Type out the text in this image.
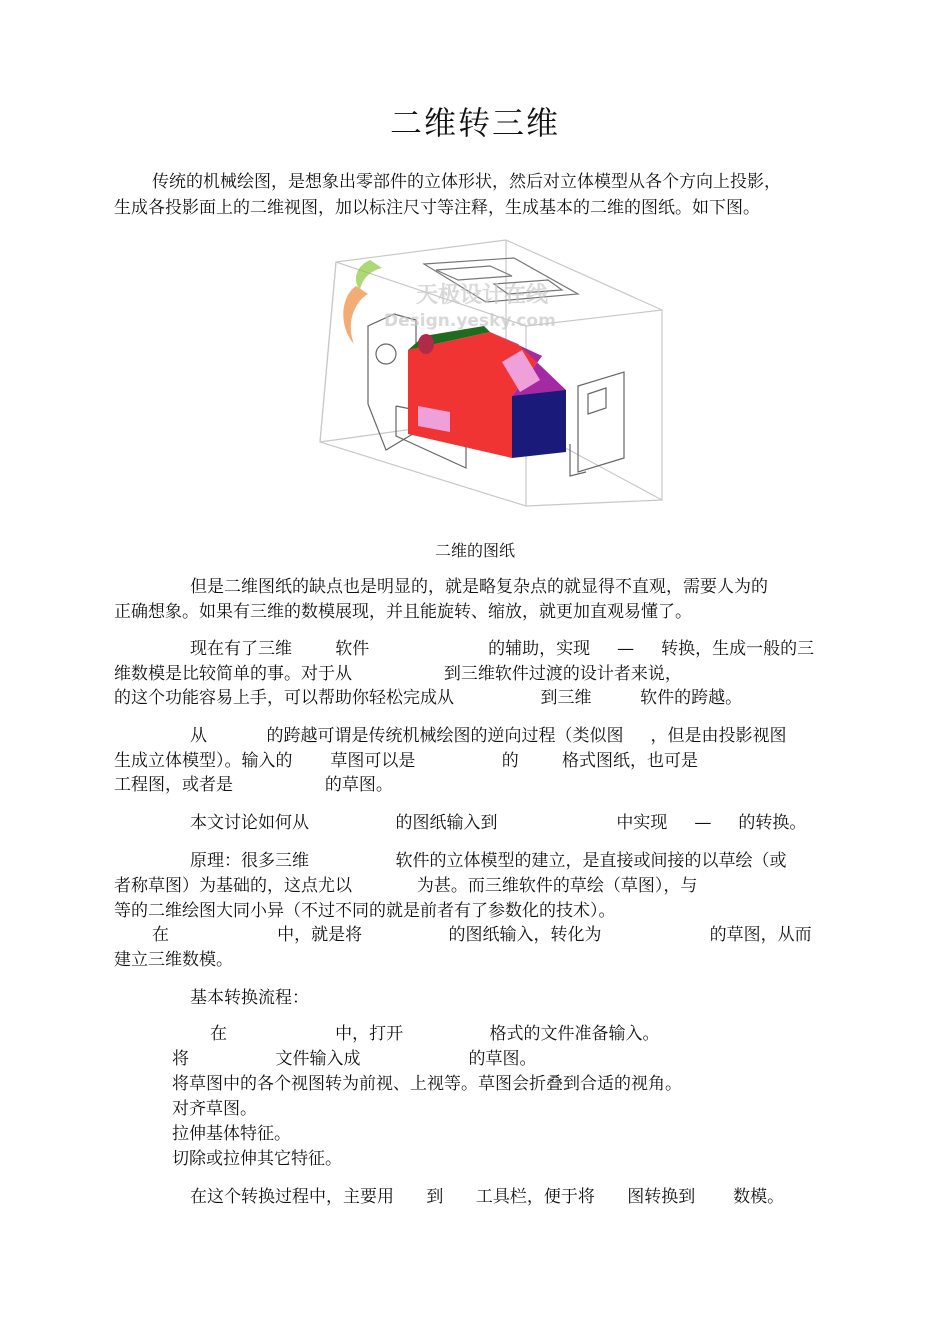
二维转三维
传统的机械绘图，是想象出零部件的立体形状，然后对立体模型从各个方向上投影，
生成各投影面上的二维视图，加以标注尺寸等注释，生成基本的二维的图纸。如下图。
天极设计在线
Design.yesky.com
二维的图纸
但是二维图纸的缺点也是明显的，就是略复杂点的就显得不直观，需要人为的
正确想象。如果有三维的数模展现，并且能旋转、缩放，就更加直观易懂了。
现在有了三维        软件                      的辅助，实现     —     转换，生成一般的三
维数模是比较简单的事。对于从                 到三维软件过渡的设计者来说，
的这个功能容易上手，可以帮助你轻松完成从                到三维         软件的跨越。
从           的跨越可谓是传统机械绘图的逆向过程（类似图     ，但是由投影视图
生成立体模型）。输入的       草图可以是                的        格式图纸，也可是
工程图，或者是                 的草图。
本文讨论如何从                的图纸输入到                      中实现     —     的转换。
原理：很多三维                软件的立体模型的建立，是直接或间接的以草绘（或
者称草图）为基础的，这点尤以            为甚。而三维软件的草绘（草图），与
等的二维绘图大同小异（不过不同的就是前者有了参数化的技术）。
在                    中，就是将                的图纸输入，转化为                    的草图，从而
建立三维数模。
基本转换流程：
在                    中，打开                格式的文件准备输入。
将                文件输入成                    的草图。
将草图中的各个视图转为前视、上视等。草图会折叠到合适的视角。
对齐草图。
拉伸基体特征。
切除或拉伸其它特征。
在这个转换过程中，主要用      到      工具栏，便于将      图转换到       数模。
